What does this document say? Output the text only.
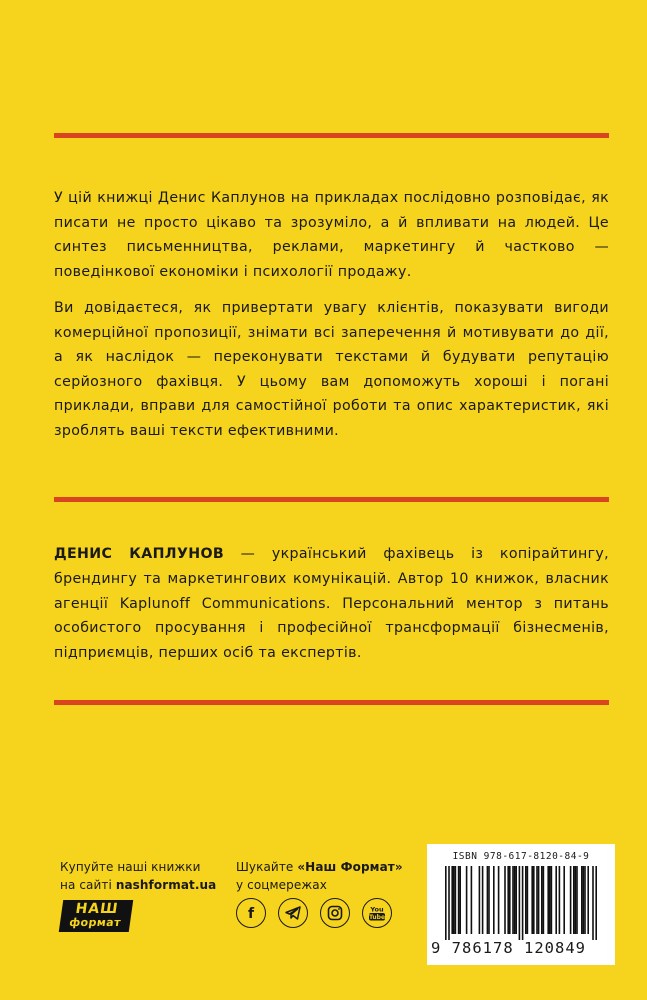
У цій книжці Денис Каплунов на прикладах послідовно розповідає, як писати не просто цікаво та зрозуміло, а й впливати на людей. Це синтез письменництва, реклами, маркетингу й частково — поведінкової економіки і психології продажу.

Ви довідаєтеся, як привертати увагу клієнтів, показувати вигоди комерційної пропозиції, знімати всі заперечення й мотивувати до дії, а як наслідок — переконувати текстами й будувати репутацію серйозного фахівця. У цьому вам допоможуть хороші і погані приклади, вправи для самостійної роботи та опис характеристик, які зроблять ваші тексти ефективними.

ДЕНИС КАПЛУНОВ — український фахівець із копірайтингу, брендингу та маркетингових комунікацій. Автор 10 книжок, власник агенції Kaplunoff Communications. Персональний ментор з питань особистого просування і професійної трансформації бізнесменів, підприємців, перших осіб та експертів.

Купуйте наші книжки
на сайті nashformat.ua
НАШ
формат
Шукайте «Наш Формат»
у соцмережах
f	You
Tube
ISBN 978-617-8120-84-9
9 786178 120849
